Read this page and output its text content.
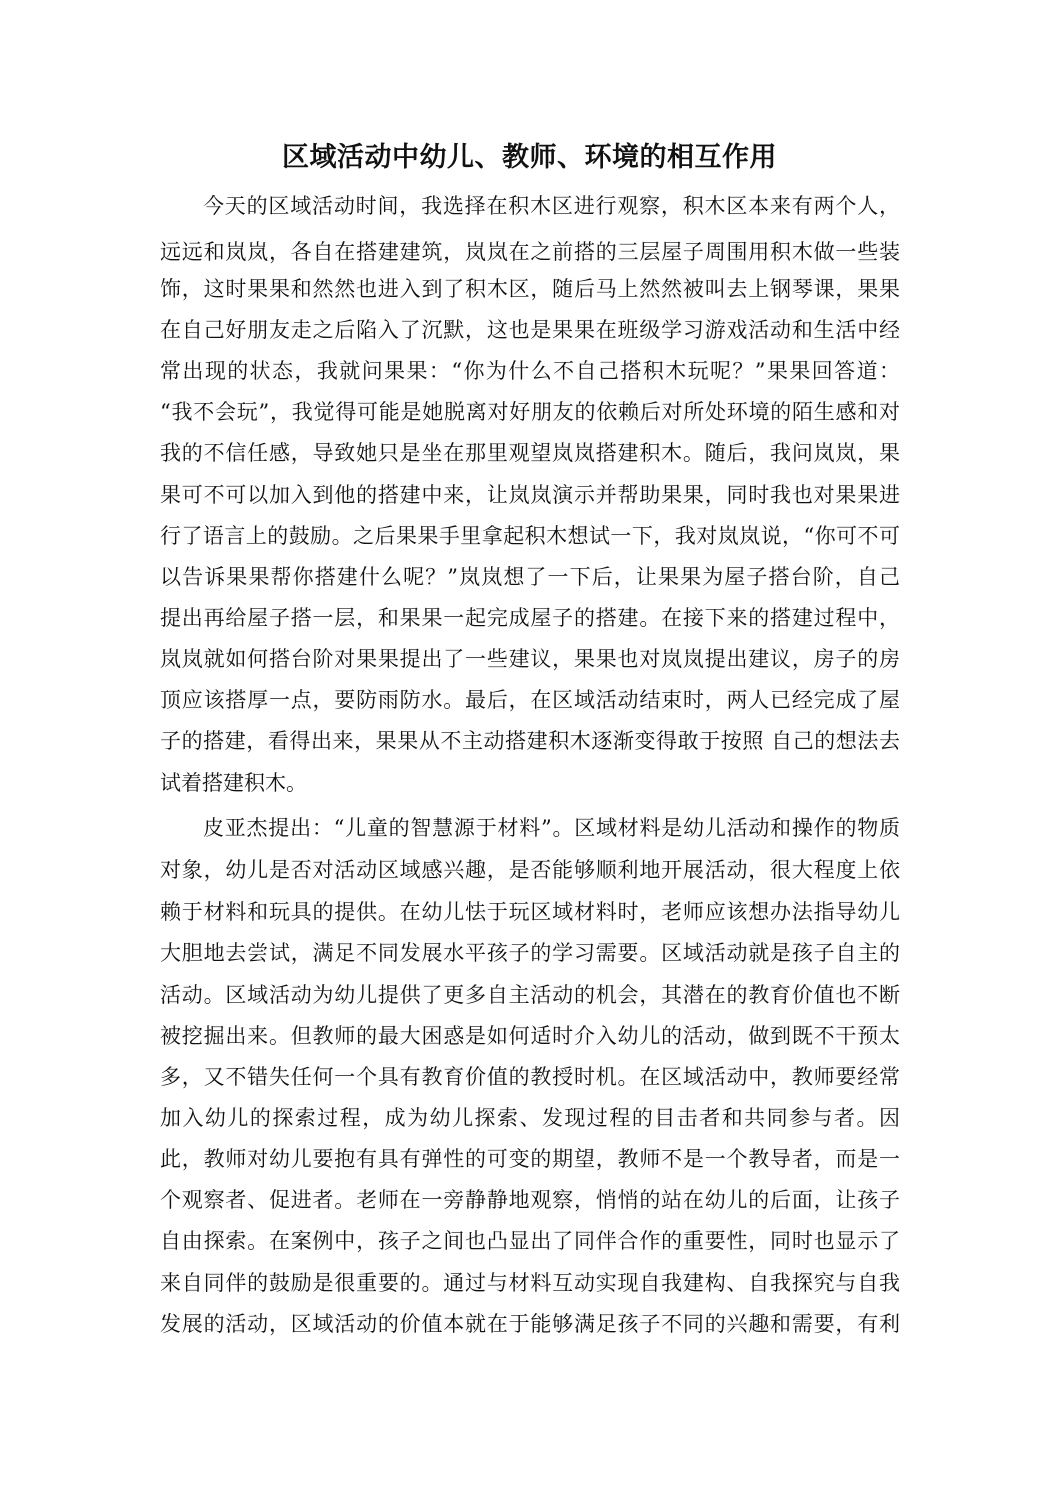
区域活动中幼儿、教师、环境的相互作用

今天的区域活动时间，我选择在积木区进行观察，积木区本来有两个人，

远远和岚岚，各自在搭建建筑，岚岚在之前搭的三层屋子周围用积木做一些装

饰，这时果果和然然也进入到了积木区，随后马上然然被叫去上钢琴课，果果

在自己好朋友走之后陷入了沉默，这也是果果在班级学习游戏活动和生活中经

常出现的状态，我就问果果：“你为什么不自己搭积木玩呢？”果果回答道：

“我不会玩”，我觉得可能是她脱离对好朋友的依赖后对所处环境的陌生感和对

我的不信任感，导致她只是坐在那里观望岚岚搭建积木。随后，我问岚岚，果

果可不可以加入到他的搭建中来，让岚岚演示并帮助果果，同时我也对果果进

行了语言上的鼓励。之后果果手里拿起积木想试一下，我对岚岚说，“你可不可

以告诉果果帮你搭建什么呢？”岚岚想了一下后，让果果为屋子搭台阶，自己

提出再给屋子搭一层，和果果一起完成屋子的搭建。在接下来的搭建过程中，

岚岚就如何搭台阶对果果提出了一些建议，果果也对岚岚提出建议，房子的房

顶应该搭厚一点，要防雨防水。最后，在区域活动结束时，两人已经完成了屋

子的搭建，看得出来，果果从不主动搭建积木逐渐变得敢于按照 自己的想法去

试着搭建积木。

皮亚杰提出：“儿童的智慧源于材料”。区域材料是幼儿活动和操作的物质

对象，幼儿是否对活动区域感兴趣，是否能够顺利地开展活动，很大程度上依

赖于材料和玩具的提供。在幼儿怯于玩区域材料时，老师应该想办法指导幼儿

大胆地去尝试，满足不同发展水平孩子的学习需要。区域活动就是孩子自主的

活动。区域活动为幼儿提供了更多自主活动的机会，其潜在的教育价值也不断

被挖掘出来。但教师的最大困惑是如何适时介入幼儿的活动，做到既不干预太

多，又不错失任何一个具有教育价值的教授时机。在区域活动中，教师要经常

加入幼儿的探索过程，成为幼儿探索、发现过程的目击者和共同参与者。因

此，教师对幼儿要抱有具有弹性的可变的期望，教师不是一个教导者，而是一

个观察者、促进者。老师在一旁静静地观察，悄悄的站在幼儿的后面，让孩子

自由探索。在案例中，孩子之间也凸显出了同伴合作的重要性，同时也显示了

来自同伴的鼓励是很重要的。通过与材料互动实现自我建构、自我探究与自我

发展的活动，区域活动的价值本就在于能够满足孩子不同的兴趣和需要，有利
